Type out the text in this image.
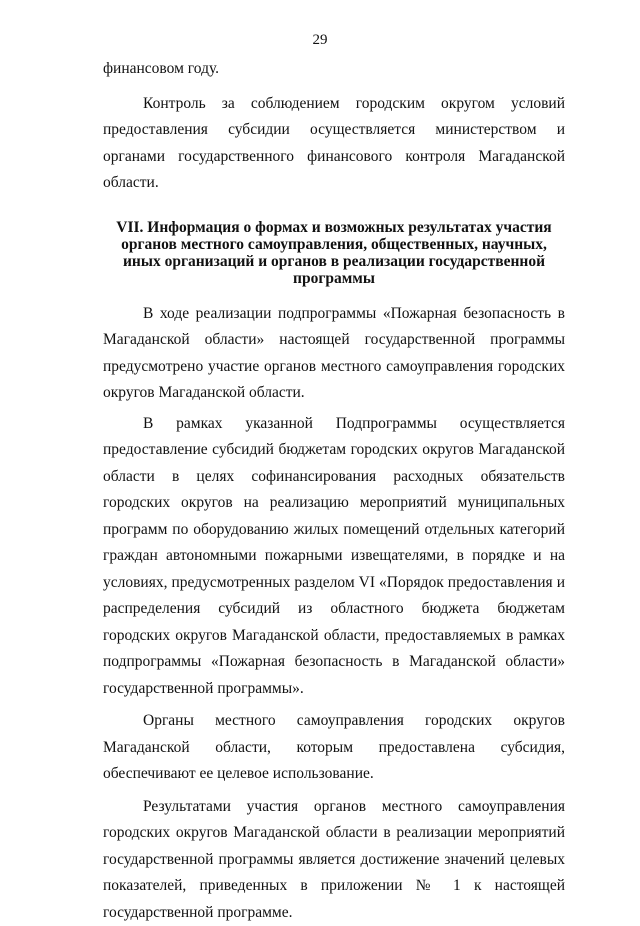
29

финансовом году.

Контроль за соблюдением городским округом условий предоставления субсидии осуществляется министерством и органами государственного финансового контроля Магаданской области.

VII. Информация о формах и возможных результатах участия органов местного самоуправления, общественных, научных, иных организаций и органов в реализации государственной программы

В ходе реализации подпрограммы «Пожарная безопасность в Магаданской области» настоящей государственной программы предусмотрено участие органов местного самоуправления городских округов Магаданской области.

В рамках указанной Подпрограммы осуществляется предоставление субсидий бюджетам городских округов Магаданской области в целях софинансирования расходных обязательств городских округов на реализацию мероприятий муниципальных программ по оборудованию жилых помещений отдельных категорий граждан автономными пожарными извещателями, в порядке и на условиях, предусмотренных разделом VI «Порядок предоставления и распределения субсидий из областного бюджета бюджетам городских округов Магаданской области, предоставляемых в рамках подпрограммы «Пожарная безопасность в Магаданской области» государственной программы».

Органы местного самоуправления городских округов Магаданской области, которым предоставлена субсидия, обеспечивают ее целевое использование.

Результатами участия органов местного самоуправления городских округов Магаданской области в реализации мероприятий государственной программы является достижение значений целевых показателей, приведенных в приложении № 1 к настоящей государственной программе.
